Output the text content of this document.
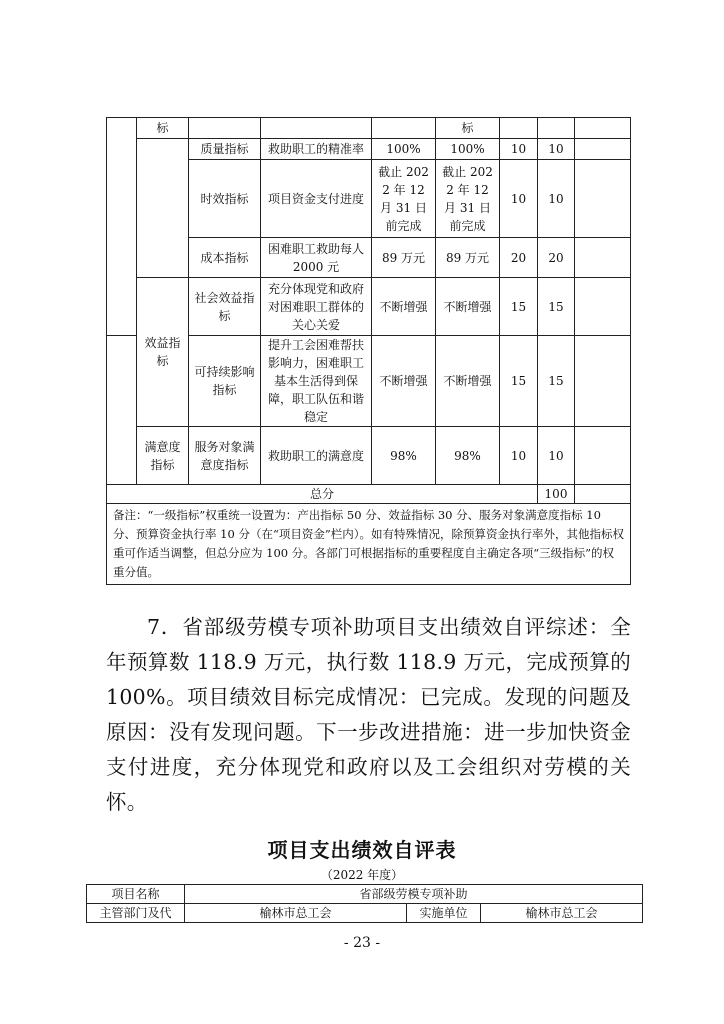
	标				标			
		质量指标	救助职工的精准率	100%	100%	10	10	
		时效指标	项目资金支付进度	截止 2022 年 12 月 31 日前完成	截止 2022 年 12 月 31 日前完成	10	10	
		成本指标	困难职工救助每人 2000 元	89 万元	89 万元	20	20	
	效益指标	社会效益指标	充分体现党和政府对困难职工群体的关心关爱	不断增强	不断增强	15	15	
		可持续影响指标	提升工会困难帮扶影响力，困难职工基本生活得到保障，职工队伍和谐稳定	不断增强	不断增强	15	15	
	满意度指标	服务对象满意度指标	救助职工的满意度	98%	98%	10	10	
总分							100	
备注：“一级指标”权重统一设置为：产出指标 50 分、效益指标 30 分、服务对象满意度指标 10 分、预算资金执行率 10 分（在“项目资金”栏内）。如有特殊情况，除预算资金执行率外，其他指标权重可作适当调整，但总分应为 100 分。各部门可根据指标的重要程度自主确定各项“三级指标”的权重分值。								

7．省部级劳模专项补助项目支出绩效自评综述：全年预算数 118.9 万元，执行数 118.9 万元，完成预算的 100%。项目绩效目标完成情况：已完成。发现的问题及原因：没有发现问题。下一步改进措施：进一步加快资金支付进度，充分体现党和政府以及工会组织对劳模的关怀。

项目支出绩效自评表
（2022 年度）
项目名称	省部级劳模专项补助		
主管部门及代	榆林市总工会	实施单位	榆林市总工会
- 23 -
